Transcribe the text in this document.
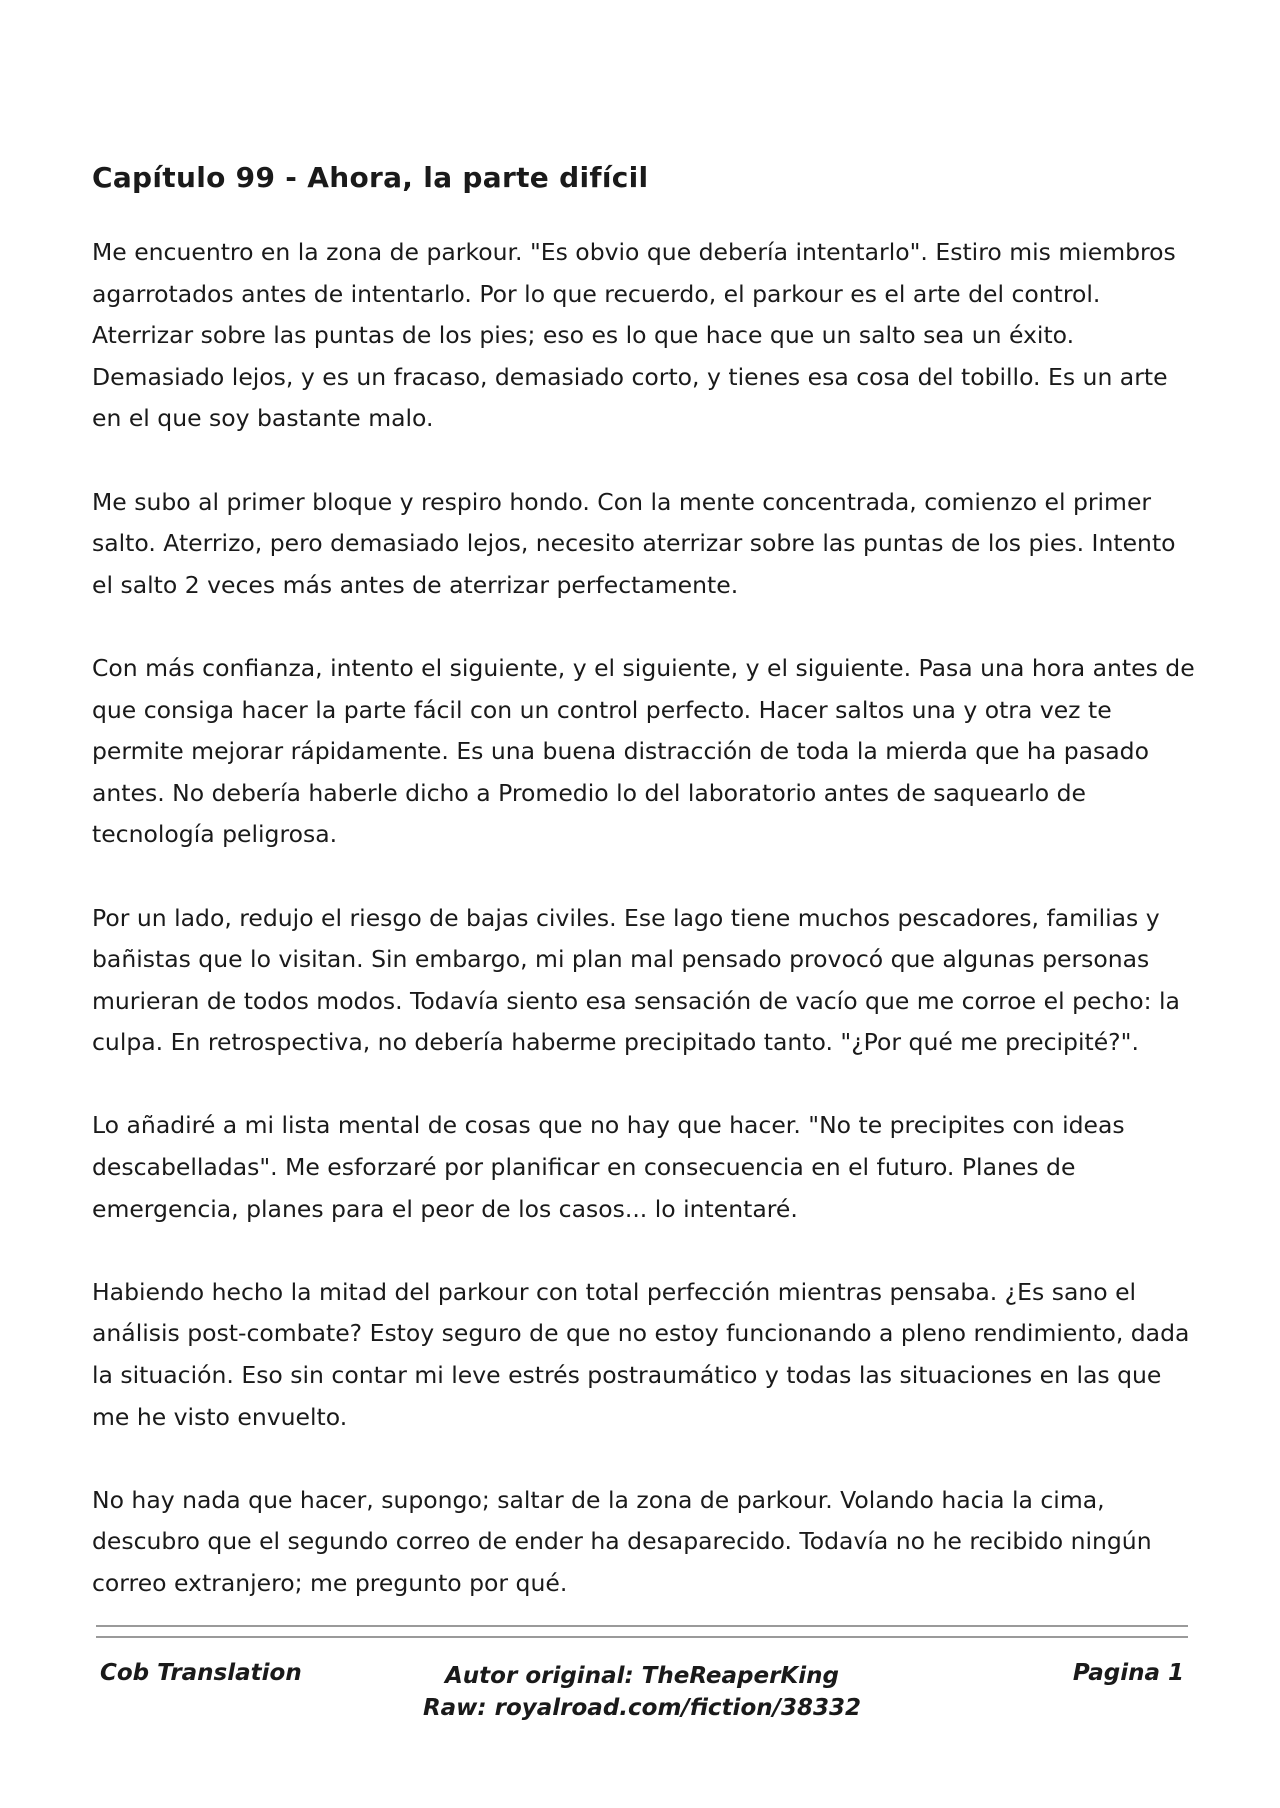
Capítulo 99 - Ahora, la parte difícil

Me encuentro en la zona de parkour. "Es obvio que debería intentarlo". Estiro mis miembros agarrotados antes de intentarlo. Por lo que recuerdo, el parkour es el arte del control. Aterrizar sobre las puntas de los pies; eso es lo que hace que un salto sea un éxito. Demasiado lejos, y es un fracaso, demasiado corto, y tienes esa cosa del tobillo. Es un arte en el que soy bastante malo.

Me subo al primer bloque y respiro hondo. Con la mente concentrada, comienzo el primer salto. Aterrizo, pero demasiado lejos, necesito aterrizar sobre las puntas de los pies. Intento el salto 2 veces más antes de aterrizar perfectamente.

Con más confianza, intento el siguiente, y el siguiente, y el siguiente. Pasa una hora antes de que consiga hacer la parte fácil con un control perfecto. Hacer saltos una y otra vez te permite mejorar rápidamente. Es una buena distracción de toda la mierda que ha pasado antes. No debería haberle dicho a Promedio lo del laboratorio antes de saquearlo de tecnología peligrosa.

Por un lado, redujo el riesgo de bajas civiles. Ese lago tiene muchos pescadores, familias y bañistas que lo visitan. Sin embargo, mi plan mal pensado provocó que algunas personas murieran de todos modos. Todavía siento esa sensación de vacío que me corroe el pecho: la culpa. En retrospectiva, no debería haberme precipitado tanto. "¿Por qué me precipité?".

Lo añadiré a mi lista mental de cosas que no hay que hacer. "No te precipites con ideas descabelladas". Me esforzaré por planificar en consecuencia en el futuro. Planes de emergencia, planes para el peor de los casos... lo intentaré.

Habiendo hecho la mitad del parkour con total perfección mientras pensaba. ¿Es sano el análisis post-combate? Estoy seguro de que no estoy funcionando a pleno rendimiento, dada la situación. Eso sin contar mi leve estrés postraumático y todas las situaciones en las que me he visto envuelto.

No hay nada que hacer, supongo; saltar de la zona de parkour. Volando hacia la cima, descubro que el segundo correo de ender ha desaparecido. Todavía no he recibido ningún correo extranjero; me pregunto por qué.

Cob Translation	Autor original: TheReaperKing
Raw: royalroad.com/fiction/38332
Pagina 1
